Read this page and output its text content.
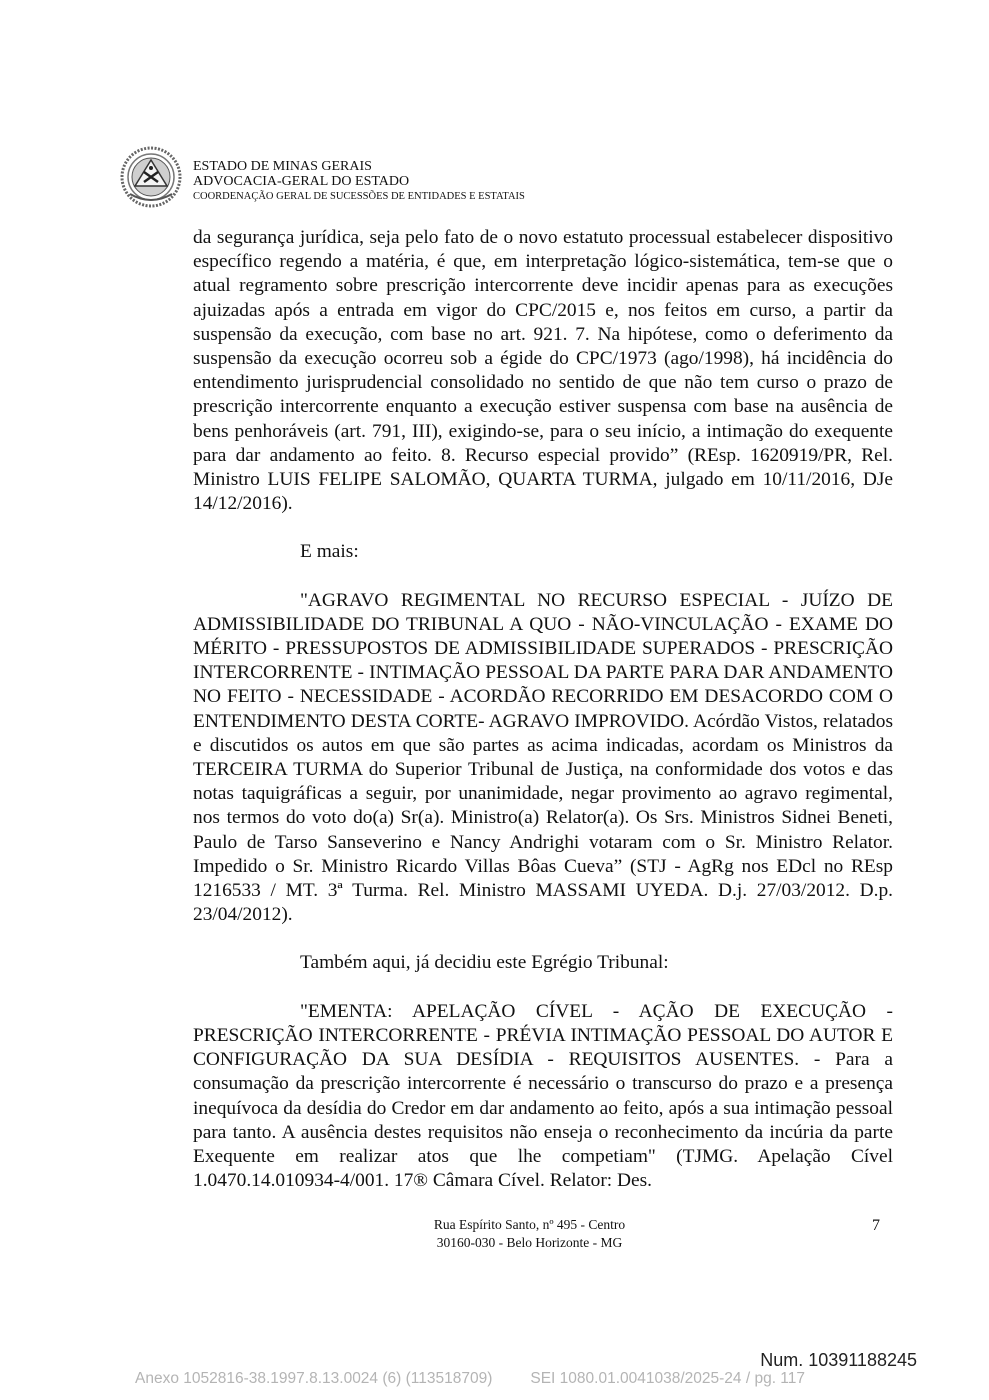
ESTADO DE MINAS GERAIS
ADVOCACIA-GERAL DO ESTADO
COORDENAÇÃO GERAL DE SUCESSÕES DE ENTIDADES E ESTATAIS

da segurança jurídica, seja pelo fato de o novo estatuto processual estabelecer dispositivo específico regendo a matéria, é que, em interpretação lógico-sistemática, tem-se que o atual regramento sobre prescrição intercorrente deve incidir apenas para as execuções ajuizadas após a entrada em vigor do CPC/2015 e, nos feitos em curso, a partir da suspensão da execução, com base no art. 921. 7. Na hipótese, como o deferimento da suspensão da execução ocorreu sob a égide do CPC/1973 (ago/1998), há incidência do entendimento jurisprudencial consolidado no sentido de que não tem curso o prazo de prescrição intercorrente enquanto a execução estiver suspensa com base na ausência de bens penhoráveis (art. 791, III), exigindo-se, para o seu início, a intimação do exequente para dar andamento ao feito. 8. Recurso especial provido” (REsp. 1620919/PR, Rel. Ministro LUIS FELIPE SALOMÃO, QUARTA TURMA, julgado em 10/11/2016, DJe 14/12/2016).

E mais:

"AGRAVO REGIMENTAL NO RECURSO ESPECIAL - JUÍZO DE ADMISSIBILIDADE DO TRIBUNAL A QUO - NÃO-VINCULAÇÃO - EXAME DO MÉRITO - PRESSUPOSTOS DE ADMISSIBILIDADE SUPERADOS - PRESCRIÇÃO INTERCORRENTE - INTIMAÇÃO PESSOAL DA PARTE PARA DAR ANDAMENTO NO FEITO - NECESSIDADE - ACORDÃO RECORRIDO EM DESACORDO COM O ENTENDIMENTO DESTA CORTE- AGRAVO IMPROVIDO. Acórdão Vistos, relatados e discutidos os autos em que são partes as acima indicadas, acordam os Ministros da TERCEIRA TURMA do Superior Tribunal de Justiça, na conformidade dos votos e das notas taquigráficas a seguir, por unanimidade, negar provimento ao agravo regimental, nos termos do voto do(a) Sr(a). Ministro(a) Relator(a). Os Srs. Ministros Sidnei Beneti, Paulo de Tarso Sanseverino e Nancy Andrighi votaram com o Sr. Ministro Relator. Impedido o Sr. Ministro Ricardo Villas Bôas Cueva” (STJ - AgRg nos EDcl no REsp 1216533 / MT. 3ª Turma. Rel. Ministro MASSAMI UYEDA. D.j. 27/03/2012. D.p. 23/04/2012).

Também aqui, já decidiu este Egrégio Tribunal:

"EMENTA: APELAÇÃO CÍVEL - AÇÃO DE EXECUÇÃO - PRESCRIÇÃO INTERCORRENTE - PRÉVIA INTIMAÇÃO PESSOAL DO AUTOR E CONFIGURAÇÃO DA SUA DESÍDIA - REQUISITOS AUSENTES. - Para a consumação da prescrição intercorrente é necessário o transcurso do prazo e a presença inequívoca da desídia do Credor em dar andamento ao feito, após a sua intimação pessoal para tanto. A ausência destes requisitos não enseja o reconhecimento da incúria da parte Exequente em realizar atos que lhe competiam" (TJMG. Apelação Cível 1.0470.14.010934-4/001. 17® Câmara Cível. Relator: Des.

Rua Espírito Santo, nº 495 - Centro
30160-030 - Belo Horizonte - MG
7
Num. 10391188245
Anexo 1052816-38.1997.8.13.0024 (6) (113518709) SEI 1080.01.0041038/2025-24 / pg. 117
